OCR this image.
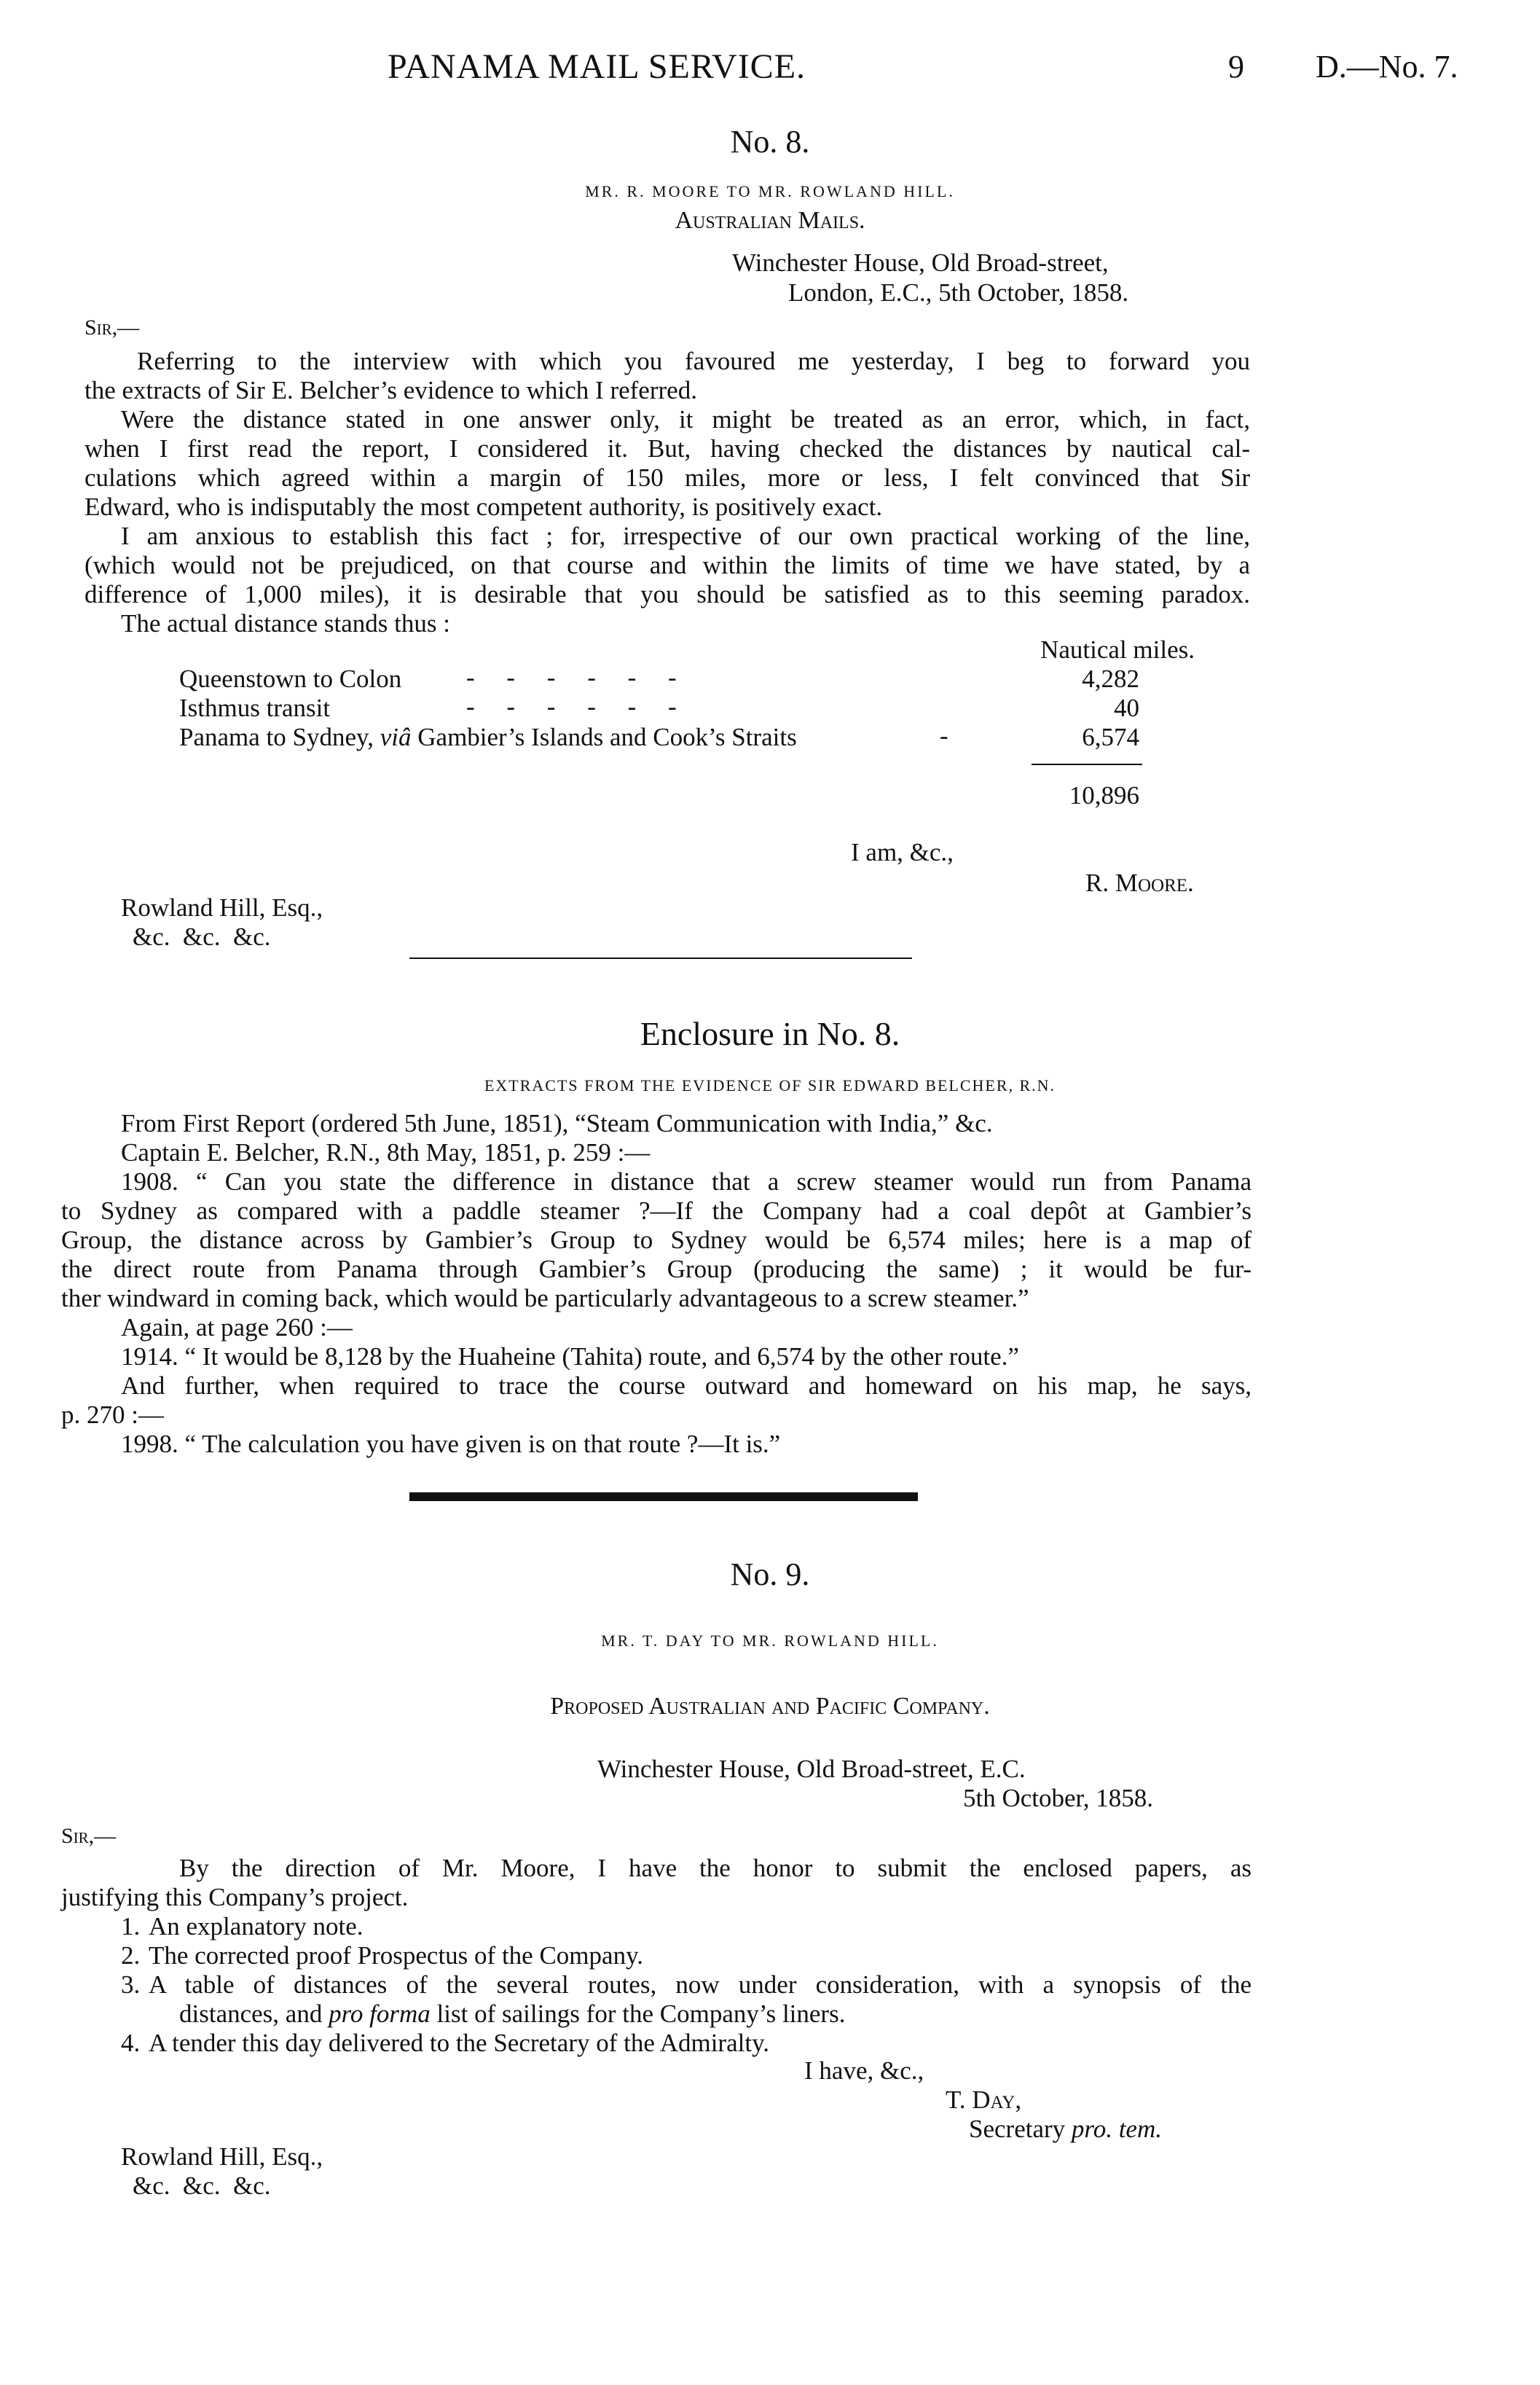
PANAMA MAIL SERVICE.	9 D.—No. 7.
No. 8.
MR. R. MOORE TO MR. ROWLAND HILL.
Australian Mails.
Winchester House, Old Broad-street,
London, E.C., 5th October, 1858.
Sir,—
Referring to the interview with which you favoured me yesterday, I beg to forward you
the extracts of Sir E. Belcher’s evidence to which I referred.
Were the distance stated in one answer only, it might be treated as an error, which, in fact,
when I first read the report, I considered it. But, having checked the distances by nautical cal-
culations which agreed within a margin of 150 miles, more or less, I felt convinced that Sir
Edward, who is indisputably the most competent authority, is positively exact.
I am anxious to establish this fact ; for, irrespective of our own practical working of the line,
(which would not be prejudiced, on that course and within the limits of time we have stated, by a
difference of 1,000 miles), it is desirable that you should be satisfied as to this seeming paradox.
The actual distance stands thus :
Nautical miles.
Queenstown to Colon	-     -     -     -     -     -	4,282
Isthmus transit	-     -     -     -     -     -	40
Panama to Sydney, viâ Gambier’s Islands and Cook’s Straits	-	6,574
10,896
I am, &c.,
R. Moore.
Rowland Hill, Esq.,
&c.  &c.  &c.
Enclosure in No. 8.
EXTRACTS FROM THE EVIDENCE OF SIR EDWARD BELCHER, R.N.
From First Report (ordered 5th June, 1851), “Steam Communication with India,” &c.
Captain E. Belcher, R.N., 8th May, 1851, p. 259 :—
1908. “ Can you state the difference in distance that a screw steamer would run from Panama
to Sydney as compared with a paddle steamer ?—If the Company had a coal depôt at Gambier’s
Group, the distance across by Gambier’s Group to Sydney would be 6,574 miles; here is a map of
the direct route from Panama through Gambier’s Group (producing the same) ; it would be fur-
ther windward in coming back, which would be particularly advantageous to a screw steamer.”
Again, at page 260 :—
1914. “ It would be 8,128 by the Huaheine (Tahita) route, and 6,574 by the other route.”
And further, when required to trace the course outward and homeward on his map, he says,
p. 270 :—
1998. “ The calculation you have given is on that route ?—It is.”
No. 9.
MR. T. DAY TO MR. ROWLAND HILL.
Proposed Australian and Pacific Company.
Winchester House, Old Broad-street, E.C.
5th October, 1858.
Sir,—
By the direction of Mr. Moore, I have the honor to submit the enclosed papers, as
justifying this Company’s project.
1. An explanatory note.
2. The corrected proof Prospectus of the Company.
3. A table of distances of the several routes, now under consideration, with a synopsis of the
distances, and pro forma list of sailings for the Company’s liners.
4. A tender this day delivered to the Secretary of the Admiralty.
I have, &c.,
T. Day,
Secretary pro. tem.
Rowland Hill, Esq.,
&c.  &c.  &c.
